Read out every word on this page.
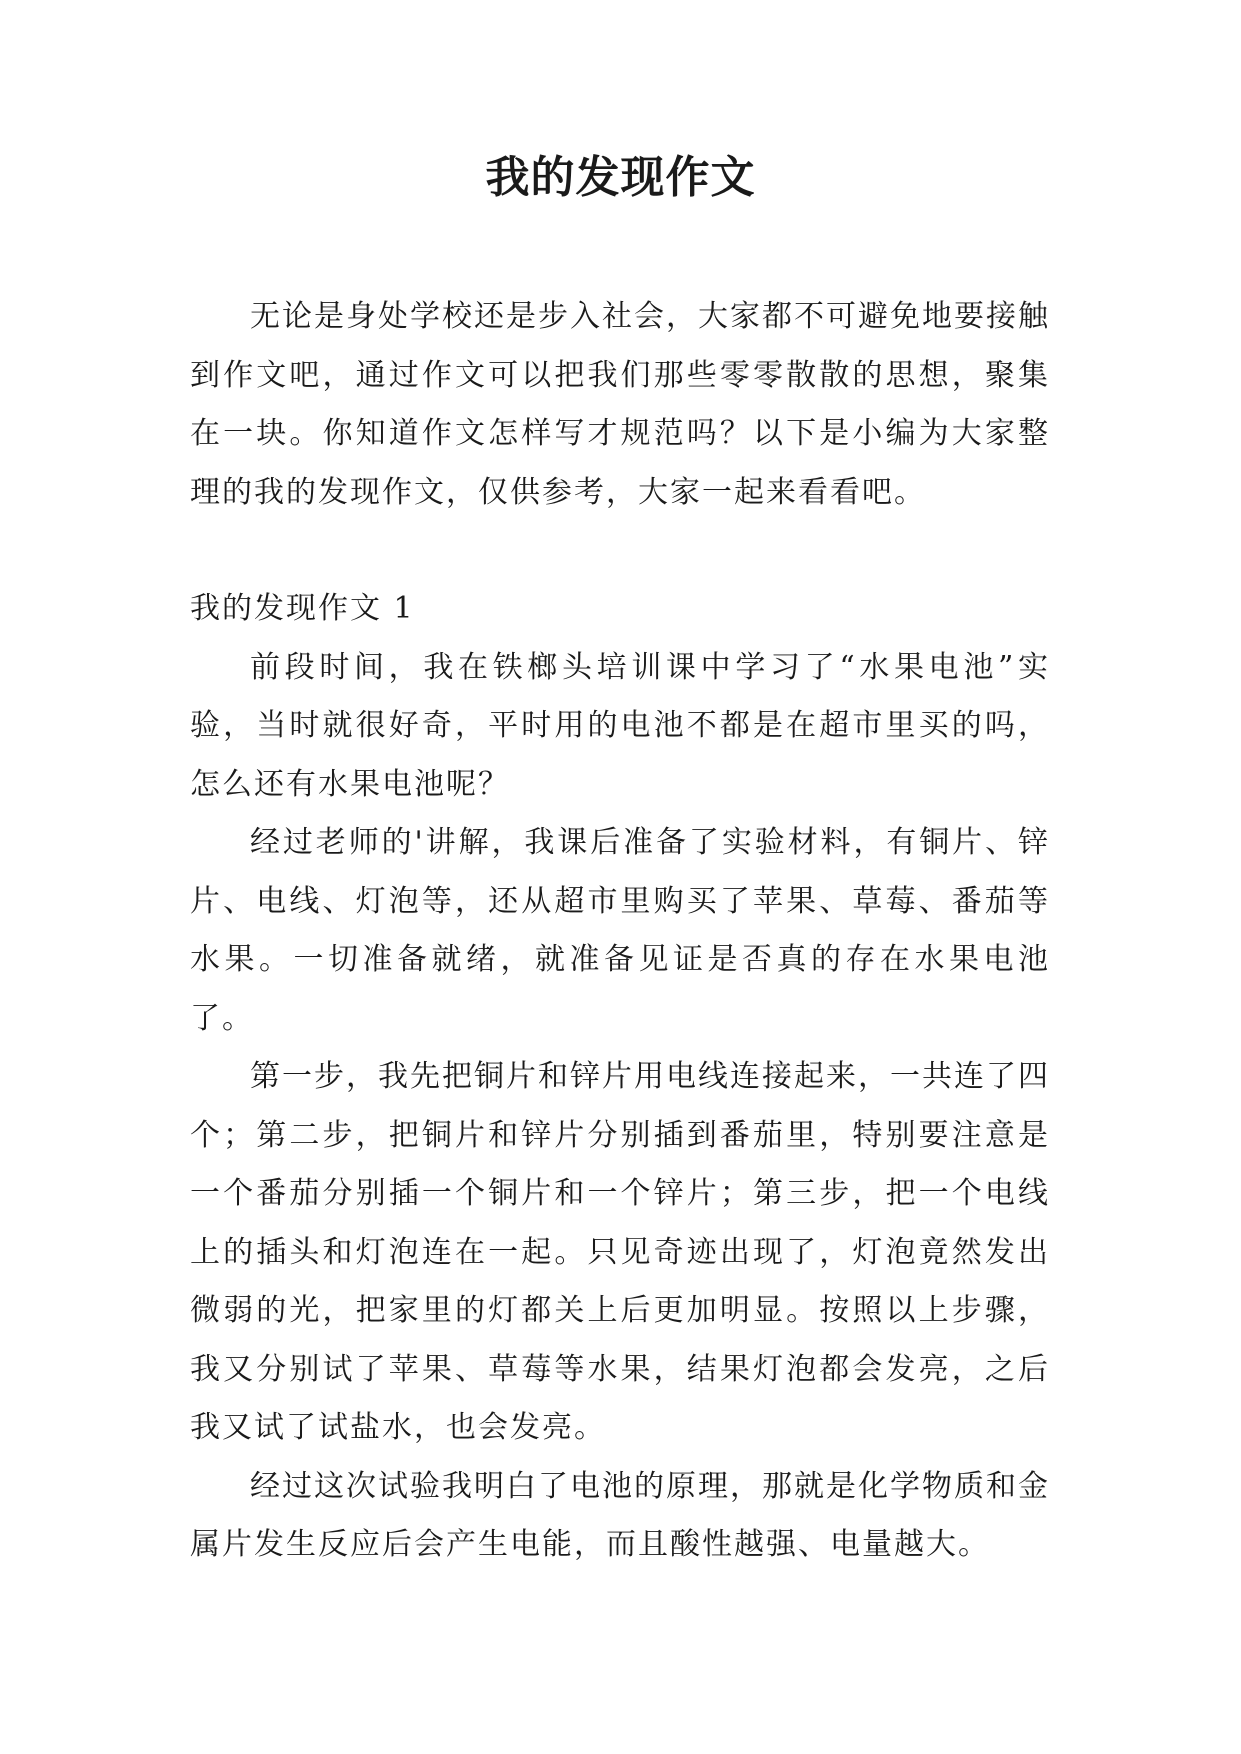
我的发现作文

无论是身处学校还是步入社会，大家都不可避免地要接触到作文吧，通过作文可以把我们那些零零散散的思想，聚集在一块。你知道作文怎样写才规范吗？以下是小编为大家整理的我的发现作文，仅供参考，大家一起来看看吧。

我的发现作文 1

前段时间，我在铁榔头培训课中学习了“水果电池”实验，当时就很好奇，平时用的电池不都是在超市里买的吗，怎么还有水果电池呢？

经过老师的'讲解，我课后准备了实验材料，有铜片、锌片、电线、灯泡等，还从超市里购买了苹果、草莓、番茄等水果。一切准备就绪，就准备见证是否真的存在水果电池了。

第一步，我先把铜片和锌片用电线连接起来，一共连了四个；第二步，把铜片和锌片分别插到番茄里，特别要注意是一个番茄分别插一个铜片和一个锌片；第三步，把一个电线上的插头和灯泡连在一起。只见奇迹出现了，灯泡竟然发出微弱的光，把家里的灯都关上后更加明显。按照以上步骤，我又分别试了苹果、草莓等水果，结果灯泡都会发亮，之后我又试了试盐水，也会发亮。

经过这次试验我明白了电池的原理，那就是化学物质和金属片发生反应后会产生电能，而且酸性越强、电量越大。
